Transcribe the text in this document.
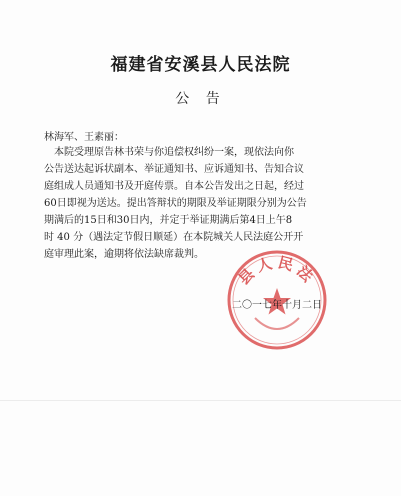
福建省安溪县人民法院
公 告
林海军、王素丽：
本院受理原告林书荣与你追偿权纠纷一案，现依法向你
公告送达起诉状副本、举证通知书、应诉通知书、告知合议
庭组成人员通知书及开庭传票。自本公告发出之日起，经过
60日即视为送达。提出答辩状的期限及举证期限分别为公告
期满后的15日和30日内，并定于举证期满后第4日上午8
时 40 分（遇法定节假日顺延）在本院城关人民法庭公开开
庭审理此案，逾期将依法缺席裁判。
县人民法
二〇一七年十月二日
